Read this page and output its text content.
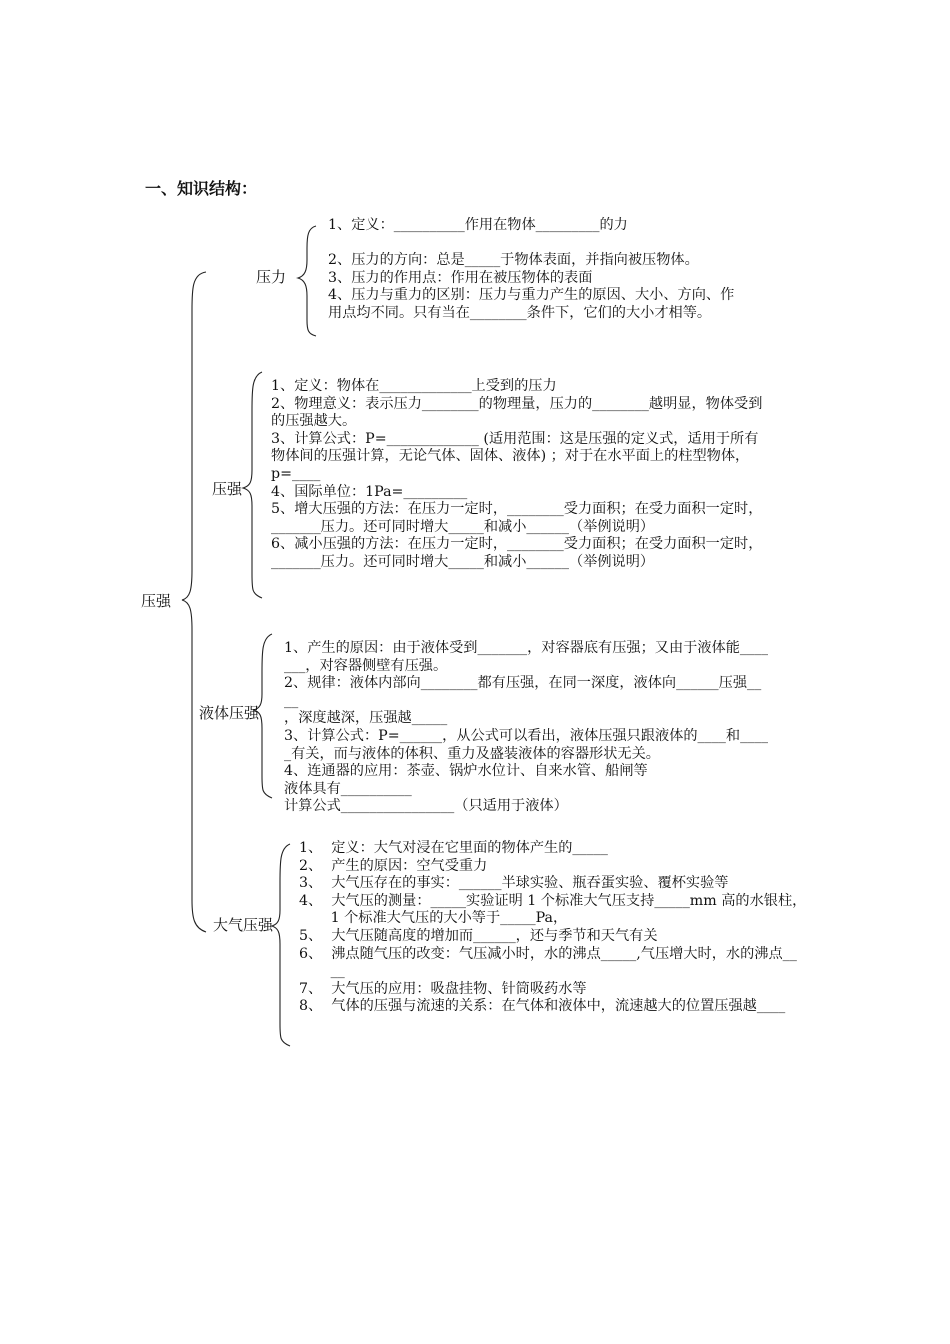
一、知识结构：
压强
压力
压强
液体压强
大气压强
1、定义：__________作用在物体_________的力
2、压力的方向：总是_____于物体表面，并指向被压物体。
3、压力的作用点：作用在被压物体的表面
4、压力与重力的区别：压力与重力产生的原因、大小、方向、作
用点均不同。只有当在________条件下，它们的大小才相等。
1、定义：物体在_____________上受到的压力
2、物理意义：表示压力________的物理量，压力的________越明显，物体受到
的压强越大。
3、计算公式：P=_____________ (适用范围：这是压强的定义式，适用于所有
物体间的压强计算，无论气体、固体、液体) ；对于在水平面上的柱型物体，
p=____
4、国际单位：1Pa=_________
5、增大压强的方法：在压力一定时，________受力面积；在受力面积一定时，
_______压力。还可同时增大_____和减小______（举例说明）
6、减小压强的方法：在压力一定时，________受力面积；在受力面积一定时，
_______压力。还可同时增大_____和减小______（举例说明）
1、产生的原因：由于液体受到_______，对容器底有压强；又由于液体能____
___，对容器侧壁有压强。
2、规律：液体内部向________都有压强，在同一深度，液体向______压强__
__
，深度越深，压强越_____
3、计算公式：P=______，从公式可以看出，液体压强只跟液体的____和____
_有关，而与液体的体积、重力及盛装液体的容器形状无关。
4、连通器的应用：茶壶、锅炉水位计、自来水管、船闸等
液体具有__________
计算公式________________（只适用于液体）
1、  定义：大气对浸在它里面的物体产生的_____
2、  产生的原因：空气受重力
3、  大气压存在的事实：______半球实验、瓶吞蛋实验、覆杯实验等
4、  大气压的测量：_____实验证明 1 个标准大气压支持_____mm 高的水银柱，
1 个标准大气压的大小等于_____Pa，
5、  大气压随高度的增加而______，还与季节和天气有关
6、  沸点随气压的改变：气压减小时，水的沸点_____,气压增大时，水的沸点__
__
7、  大气压的应用：吸盘挂物、针筒吸药水等
8、  气体的压强与流速的关系：在气体和液体中，流速越大的位置压强越____
